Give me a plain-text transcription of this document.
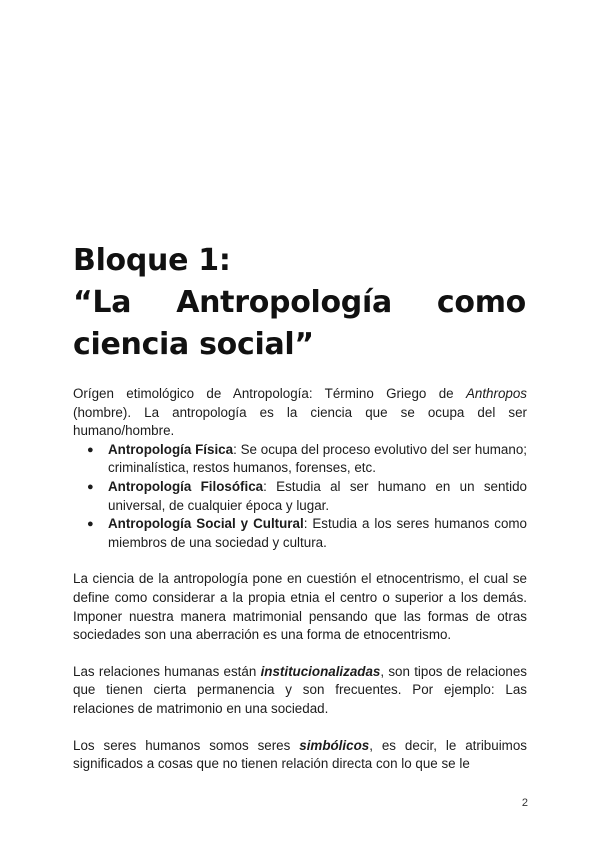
Bloque 1:
“La Antropología como
ciencia social”

Orígen etimológico de Antropología: Término Griego de Anthropos (hombre). La antropología es la ciencia que se ocupa del ser humano/hombre.

● Antropología Física: Se ocupa del proceso evolutivo del ser humano; criminalística, restos humanos, forenses, etc.
● Antropología Filosófica: Estudia al ser humano en un sentido universal, de cualquier época y lugar.
● Antropología Social y Cultural: Estudia a los seres humanos como miembros de una sociedad y cultura.

La ciencia de la antropología pone en cuestión el etnocentrismo, el cual se define como considerar a la propia etnia el centro o superior a los demás. Imponer nuestra manera matrimonial pensando que las formas de otras sociedades son una aberración es una forma de etnocentrismo.

Las relaciones humanas están institucionalizadas, son tipos de relaciones que tienen cierta permanencia y son frecuentes. Por ejemplo: Las relaciones de matrimonio en una sociedad.

Los seres humanos somos seres simbólicos, es decir, le atribuimos significados a cosas que no tienen relación directa con lo que se le

2
